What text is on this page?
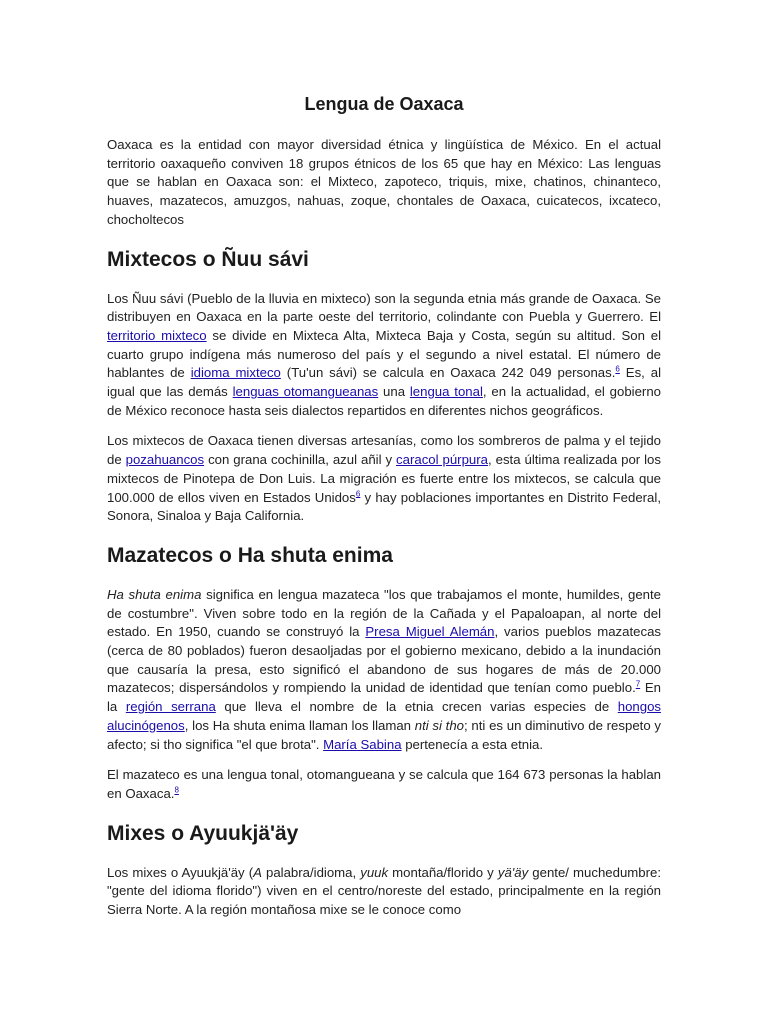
Lengua de Oaxaca

Oaxaca es la entidad con mayor diversidad étnica y lingüística de México. En el actual territorio oaxaqueño conviven 18 grupos étnicos de los 65 que hay en México: Las lenguas que se hablan en Oaxaca son: el Mixteco, zapoteco, triquis, mixe, chatinos, chinanteco, huaves, mazatecos, amuzgos, nahuas, zoque, chontales de Oaxaca, cuicatecos, ixcateco, chocholtecos

Mixtecos o Ñuu sávi

Los Ñuu sávi (Pueblo de la lluvia en mixteco) son la segunda etnia más grande de Oaxaca. Se distribuyen en Oaxaca en la parte oeste del territorio, colindante con Puebla y Guerrero. El territorio mixteco se divide en Mixteca Alta, Mixteca Baja y Costa, según su altitud. Son el cuarto grupo indígena más numeroso del país y el segundo a nivel estatal. El número de hablantes de idioma mixteco (Tu'un sávi) se calcula en Oaxaca 242 049 personas.$^6$ Es, al igual que las demás lenguas otomangueanas una lengua tonal, en la actualidad, el gobierno de México reconoce hasta seis dialectos repartidos en diferentes nichos geográficos.

Los mixtecos de Oaxaca tienen diversas artesanías, como los sombreros de palma y el tejido de pozahuancos con grana cochinilla, azul añil y caracol púrpura, esta última realizada por los mixtecos de Pinotepa de Don Luis. La migración es fuerte entre los mixtecos, se calcula que 100.000 de ellos viven en Estados Unidos$^6$ y hay poblaciones importantes en Distrito Federal, Sonora, Sinaloa y Baja California.

Mazatecos o Ha shuta enima

Ha shuta enima significa en lengua mazateca "los que trabajamos el monte, humildes, gente de costumbre". Viven sobre todo en la región de la Cañada y el Papaloapan, al norte del estado. En 1950, cuando se construyó la Presa Miguel Alemán, varios pueblos mazatecas (cerca de 80 poblados) fueron desaoljadas por el gobierno mexicano, debido a la inundación que causaría la presa, esto significó el abandono de sus hogares de más de 20.000 mazatecos; dispersándolos y rompiendo la unidad de identidad que tenían como pueblo.$^7$ En la región serrana que lleva el nombre de la etnia crecen varias especies de hongos alucinógenos, los Ha shuta enima llaman los llaman nti si tho; nti es un diminutivo de respeto y afecto; si tho significa "el que brota". María Sabina pertenecía a esta etnia.

El mazateco es una lengua tonal, otomangueana y se calcula que 164 673 personas la hablan en Oaxaca.$^8$

Mixes o Ayuukjä'äy

Los mixes o Ayuukjä'äy (A palabra/idioma, yuuk montaña/florido y yä'äy gente/ muchedumbre: "gente del idioma florido") viven en el centro/noreste del estado, principalmente en la región Sierra Norte. A la región montañosa mixe se le conoce como
